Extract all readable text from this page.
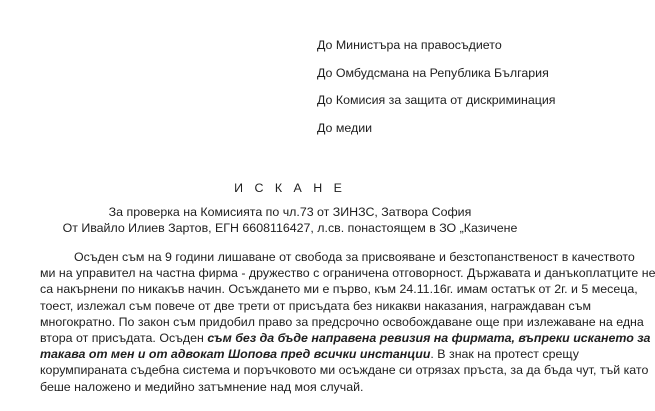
До Министъра на правосъдието
До Омбудсмана на Република България
До Комисия за защита от дискриминация
До медии
И С К А Н Е
За проверка на Комисията по чл.73 от ЗИНЗС, Затвора София
От Ивайло Илиев Зартов, ЕГН 6608116427, л.св. понастоящем в ЗО „Казичене
Осъден съм на 9 години лишаване от свобода за присвояване и безстопанственост в качеството
ми на управител на частна фирма - дружество с ограничена отговорност. Държавата и данъкоплатците не
са накърнени по никакъв начин. Осъждането ми е първо, към 24.11.16г. имам остатък от 2г. и 5 месеца,
тоест, излежал съм повече от две трети от присъдата без никакви наказания, награждаван съм
многократно. По закон съм придобил право за предсрочно освобождаване още при излежаване на една
втора от присъдата. Осъден съм без да бъде направена ревизия на фирмата, въпреки искането за
такава от мен и от адвокат Шопова пред всички инстанции. В знак на протест срещу
корумпираната съдебна система и поръчковото ми осъждане си отрязах пръста, за да бъда чут, тъй като
беше наложено и медийно затъмнение над моя случай.
